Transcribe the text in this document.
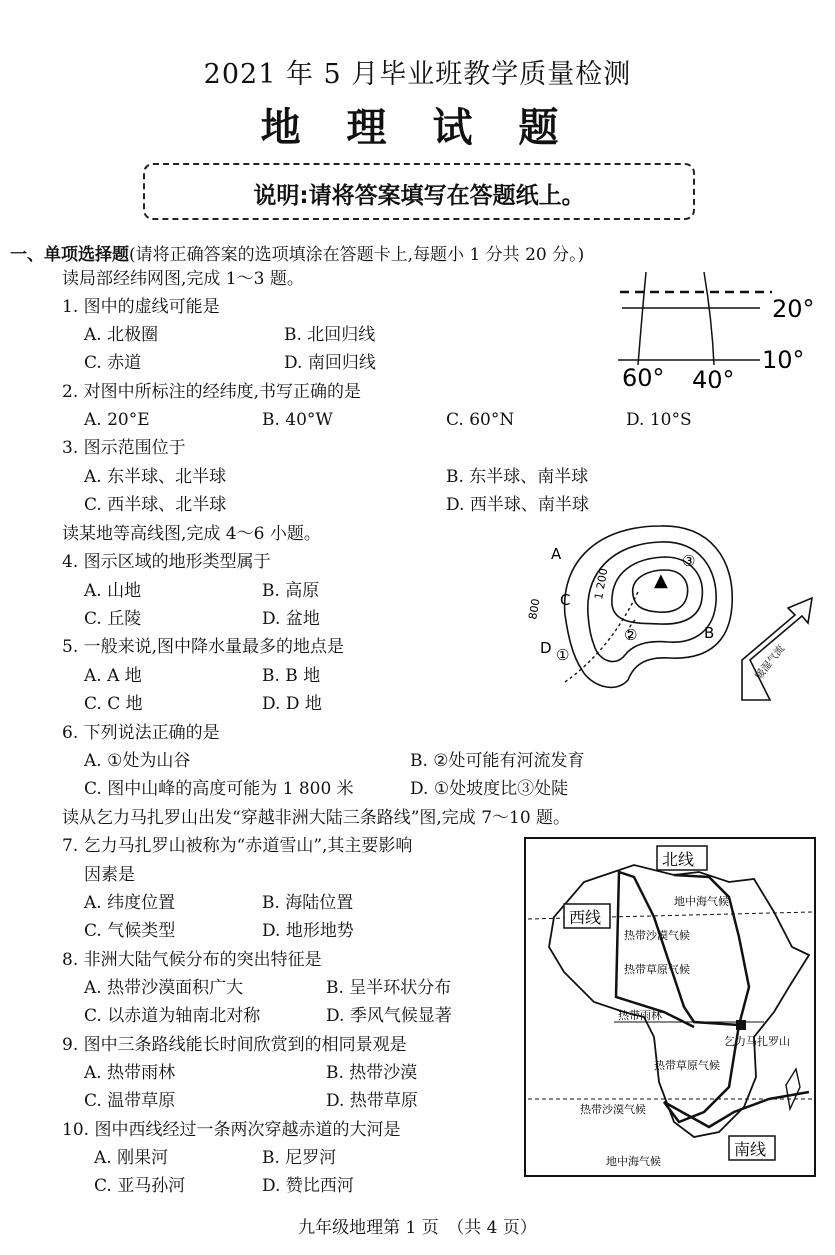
2021 年 5 月毕业班教学质量检测
地 理 试 题
说明:请将答案填写在答题纸上。
一、单项选择题(请将正确答案的选项填涂在答题卡上,每题小 1 分共 20 分。)
读局部经纬网图,完成 1～3 题。
1. 图中的虚线可能是
A. 北极圈	B. 北回归线
C. 赤道	D. 南回归线
2. 对图中所标注的经纬度,书写正确的是
A. 20°E	B. 40°W	C. 60°N	D. 10°S
3. 图示范围位于
A. 东半球、北半球	B. 东半球、南半球
C. 西半球、北半球	D. 西半球、南半球
20°
10°
60° 40°
读某地等高线图,完成 4～6 小题。
4. 图示区域的地形类型属于
A. 山地	B. 高原
C. 丘陵	D. 盆地
5. 一般来说,图中降水量最多的地点是
A. A 地	B. B 地
C. C 地	D. D 地
6. 下列说法正确的是
A. ①处为山谷	B. ②处可能有河流发育
C. 图中山峰的高度可能为 1 800 米	D. ①处坡度比③处陡
▲
A
B
C
D ①
②
③
800
1 200
暖湿气流
读从乞力马扎罗山出发“穿越非洲大陆三条路线”图,完成 7～10 题。
7. 乞力马扎罗山被称为“赤道雪山”,其主要影响
因素是
A. 纬度位置	B. 海陆位置
C. 气候类型	D. 地形地势
8. 非洲大陆气候分布的突出特征是
A. 热带沙漠面积广大	B. 呈半环状分布
C. 以赤道为轴南北对称	D. 季风气候显著
9. 图中三条路线能长时间欣赏到的相同景观是
A. 热带雨林	B. 热带沙漠
C. 温带草原	D. 热带草原
10. 图中西线经过一条两次穿越赤道的大河是
A. 刚果河	B. 尼罗河
C. 亚马孙河	D. 赞比西河
北线
西线
南线
地中海气候
热带沙漠气候
热带草原气候
热带雨林
热带草原气候
热带沙漠气候
地中海气候
乞力马扎罗山
九年级地理第 1 页　（共 4 页）
